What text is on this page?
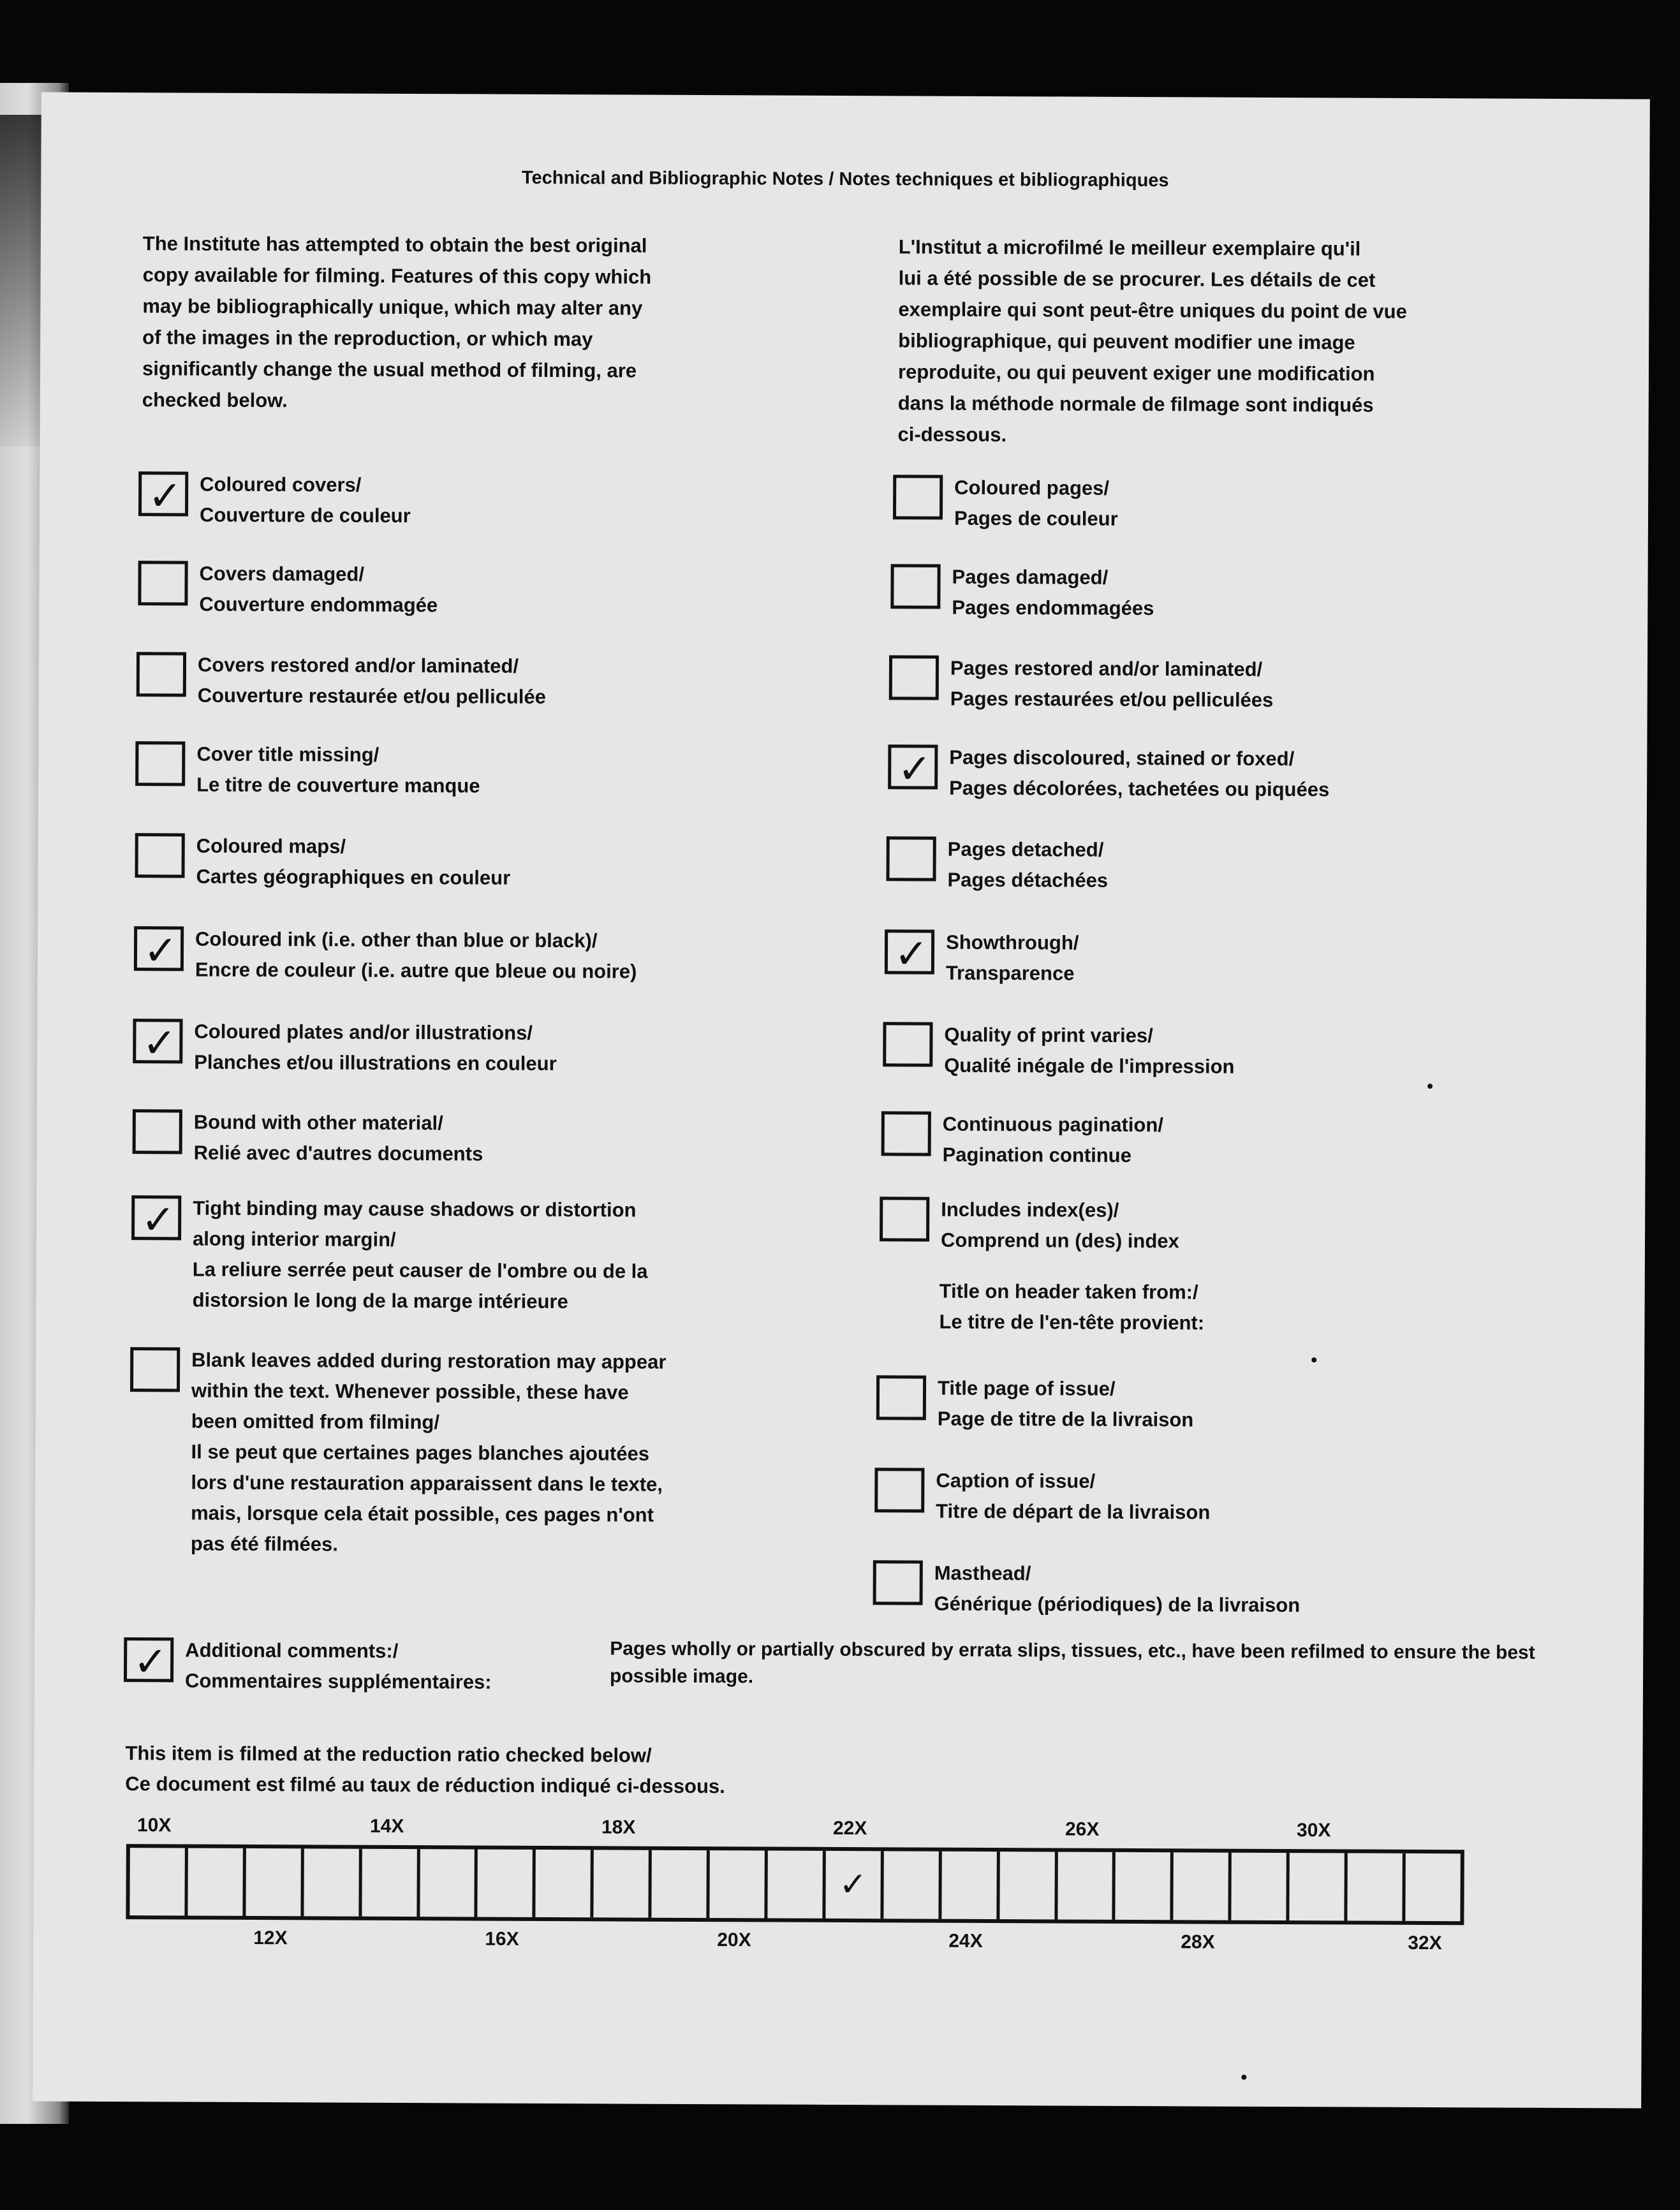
Technical and Bibliographic Notes / Notes techniques et bibliographiques
The Institute has attempted to obtain the best original
copy available for filming. Features of this copy which
may be bibliographically unique, which may alter any
of the images in the reproduction, or which may
significantly change the usual method of filming, are
checked below.
L'Institut a microfilmé le meilleur exemplaire qu'il
lui a été possible de se procurer. Les détails de cet
exemplaire qui sont peut-être uniques du point de vue
bibliographique, qui peuvent modifier une image
reproduite, ou qui peuvent exiger une modification
dans la méthode normale de filmage sont indiqués
ci-dessous.
✓ Coloured covers/
Couverture de couleur
Covers damaged/
Couverture endommagée
Covers restored and/or laminated/
Couverture restaurée et/ou pelliculée
Cover title missing/
Le titre de couverture manque
Coloured maps/
Cartes géographiques en couleur
✓ Coloured ink (i.e. other than blue or black)/
Encre de couleur (i.e. autre que bleue ou noire)
✓ Coloured plates and/or illustrations/
Planches et/ou illustrations en couleur
Bound with other material/
Relié avec d'autres documents
✓ Tight binding may cause shadows or distortion
along interior margin/
La reliure serrée peut causer de l'ombre ou de la
distorsion le long de la marge intérieure
Blank leaves added during restoration may appear
within the text. Whenever possible, these have
been omitted from filming/
Il se peut que certaines pages blanches ajoutées
lors d'une restauration apparaissent dans le texte,
mais, lorsque cela était possible, ces pages n'ont
pas été filmées.
Coloured pages/
Pages de couleur
Pages damaged/
Pages endommagées
Pages restored and/or laminated/
Pages restaurées et/ou pelliculées
✓ Pages discoloured, stained or foxed/
Pages décolorées, tachetées ou piquées
Pages detached/
Pages détachées
✓ Showthrough/
Transparence
Quality of print varies/
Qualité inégale de l'impression
Continuous pagination/
Pagination continue
Includes index(es)/
Comprend un (des) index
Title on header taken from:/
Le titre de l'en-tête provient:
Title page of issue/
Page de titre de la livraison
Caption of issue/
Titre de départ de la livraison
Masthead/
Générique (périodiques) de la livraison
✓ Additional comments:/
Commentaires supplémentaires:
Pages wholly or partially obscured by errata slips, tissues, etc., have been refilmed to ensure the best possible image.
This item is filmed at the reduction ratio checked below/
Ce document est filmé au taux de réduction indiqué ci-dessous.
10X	14X	18X	22X	26X	30X
✓
12X	16X	20X	24X	28X	32X
